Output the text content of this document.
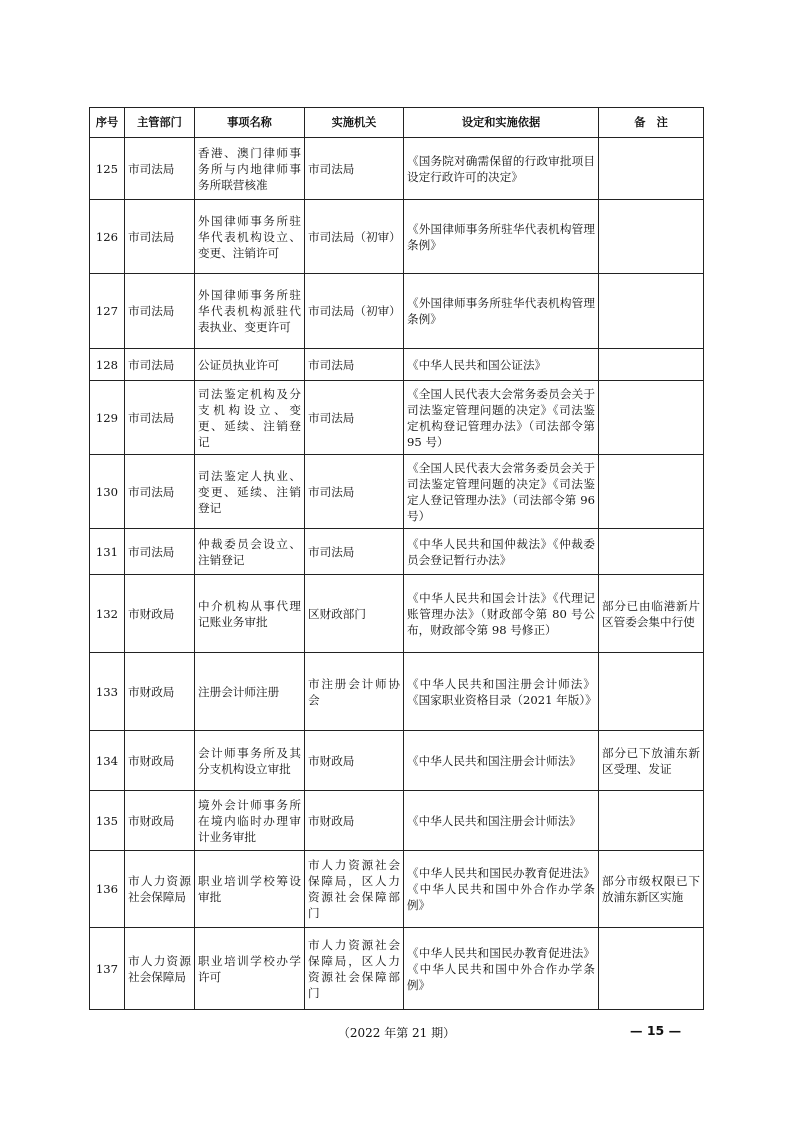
序号	主管部门	事项名称	实施机关	设定和实施依据	备　注
125	市司法局	香港、澳门律师事务所与内地律师事务所联营核准	市司法局	《国务院对确需保留的行政审批项目设定行政许可的决定》	
126	市司法局	外国律师事务所驻华代表机构设立、变更、注销许可	市司法局（初审）	《外国律师事务所驻华代表机构管理条例》	
127	市司法局	外国律师事务所驻华代表机构派驻代表执业、变更许可	市司法局（初审）	《外国律师事务所驻华代表机构管理条例》	
128	市司法局	公证员执业许可	市司法局	《中华人民共和国公证法》	
129	市司法局	司法鉴定机构及分支机构设立、变更、延续、注销登记	市司法局	《全国人民代表大会常务委员会关于司法鉴定管理问题的决定》《司法鉴定机构登记管理办法》（司法部令第 95 号）	
130	市司法局	司法鉴定人执业、变更、延续、注销登记	市司法局	《全国人民代表大会常务委员会关于司法鉴定管理问题的决定》《司法鉴定人登记管理办法》（司法部令第 96 号）	
131	市司法局	仲裁委员会设立、注销登记	市司法局	《中华人民共和国仲裁法》《仲裁委员会登记暂行办法》	
132	市财政局	中介机构从事代理记账业务审批	区财政部门	《中华人民共和国会计法》《代理记账管理办法》（财政部令第 80 号公布，财政部令第 98 号修正）	部分已由临港新片区管委会集中行使
133	市财政局	注册会计师注册	市注册会计师协会	《中华人民共和国注册会计师法》《国家职业资格目录（2021 年版）》	
134	市财政局	会计师事务所及其分支机构设立审批	市财政局	《中华人民共和国注册会计师法》	部分已下放浦东新区受理、发证
135	市财政局	境外会计师事务所在境内临时办理审计业务审批	市财政局	《中华人民共和国注册会计师法》	
136	市人力资源社会保障局	职业培训学校筹设审批	市人力资源社会保障局，区人力资源社会保障部门	《中华人民共和国民办教育促进法》《中华人民共和国中外合作办学条例》	部分市级权限已下放浦东新区实施
137	市人力资源社会保障局	职业培训学校办学许可	市人力资源社会保障局，区人力资源社会保障部门	《中华人民共和国民办教育促进法》《中华人民共和国中外合作办学条例》	
（2022 年第 21 期）	— 15 —
